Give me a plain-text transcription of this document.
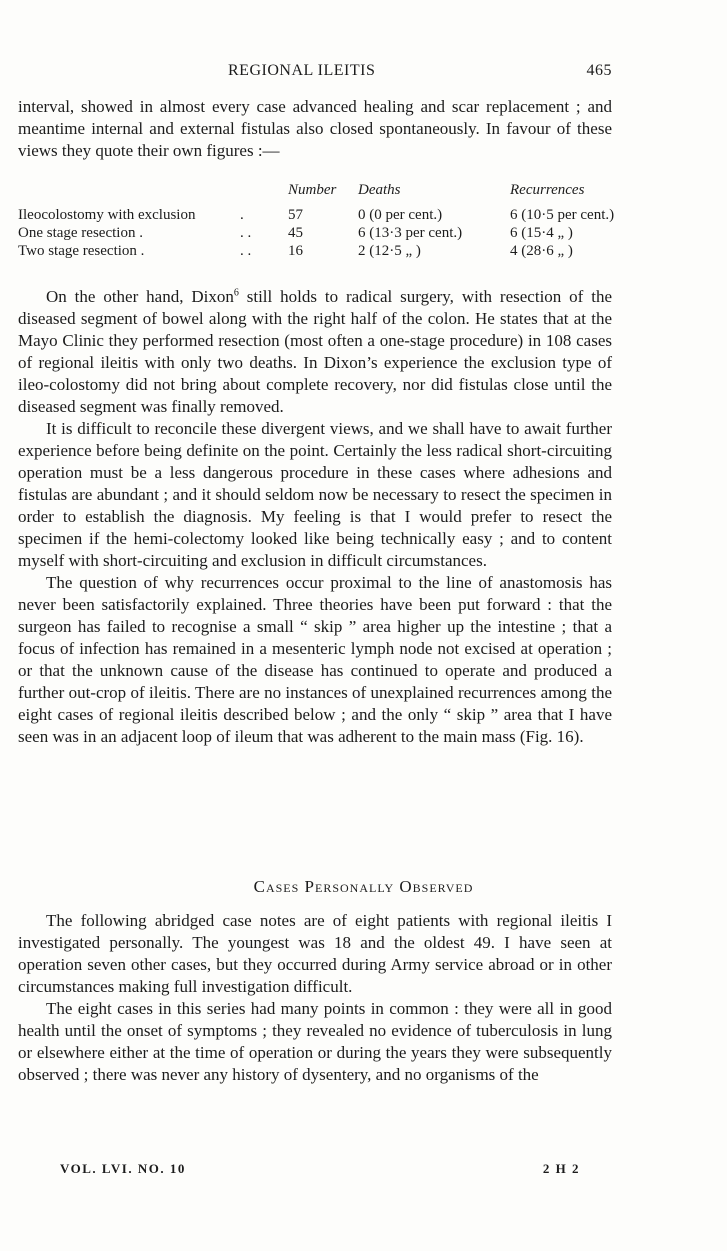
REGIONAL ILEITIS	465

interval, showed in almost every case advanced healing and scar replacement ; and meantime internal and external fistulas also closed spontaneously. In favour of these views they quote their own figures :—

		Number	Deaths	Recurrences
Ileocolostomy with exclusion	.	57	0 (0 per cent.)	6 (10·5 per cent.)
One stage resection .	. .	45	6 (13·3 per cent.)	6 (15·4 „ )
Two stage resection .	. .	16	2 (12·5 „ )	4 (28·6 „ )

On the other hand, Dixon$^6$ still holds to radical surgery, with resection of the diseased segment of bowel along with the right half of the colon. He states that at the Mayo Clinic they performed resection (most often a one-stage procedure) in 108 cases of regional ileitis with only two deaths. In Dixon’s experience the exclusion type of ileo-colostomy did not bring about complete recovery, nor did fistulas close until the diseased segment was finally removed.

It is difficult to reconcile these divergent views, and we shall have to await further experience before being definite on the point. Certainly the less radical short-circuiting operation must be a less dangerous procedure in these cases where adhesions and fistulas are abundant ; and it should seldom now be necessary to resect the specimen in order to establish the diagnosis. My feeling is that I would prefer to resect the specimen if the hemi-colectomy looked like being technically easy ; and to content myself with short-circuiting and exclusion in difficult circumstances.

The question of why recurrences occur proximal to the line of anastomosis has never been satisfactorily explained. Three theories have been put forward : that the surgeon has failed to recognise a small “ skip ” area higher up the intestine ; that a focus of infection has remained in a mesenteric lymph node not excised at operation ; or that the unknown cause of the disease has continued to operate and produced a further out-crop of ileitis. There are no instances of unexplained recurrences among the eight cases of regional ileitis described below ; and the only “ skip ” area that I have seen was in an adjacent loop of ileum that was adherent to the main mass (Fig. 16).

Cases Personally Observed

The following abridged case notes are of eight patients with regional ileitis I investigated personally. The youngest was 18 and the oldest 49. I have seen at operation seven other cases, but they occurred during Army service abroad or in other circumstances making full investigation difficult.

The eight cases in this series had many points in common : they were all in good health until the onset of symptoms ; they revealed no evidence of tuberculosis in lung or elsewhere either at the time of operation or during the years they were subsequently observed ; there was never any history of dysentery, and no organisms of the

VOL. LVI. NO. 10	2 H 2
